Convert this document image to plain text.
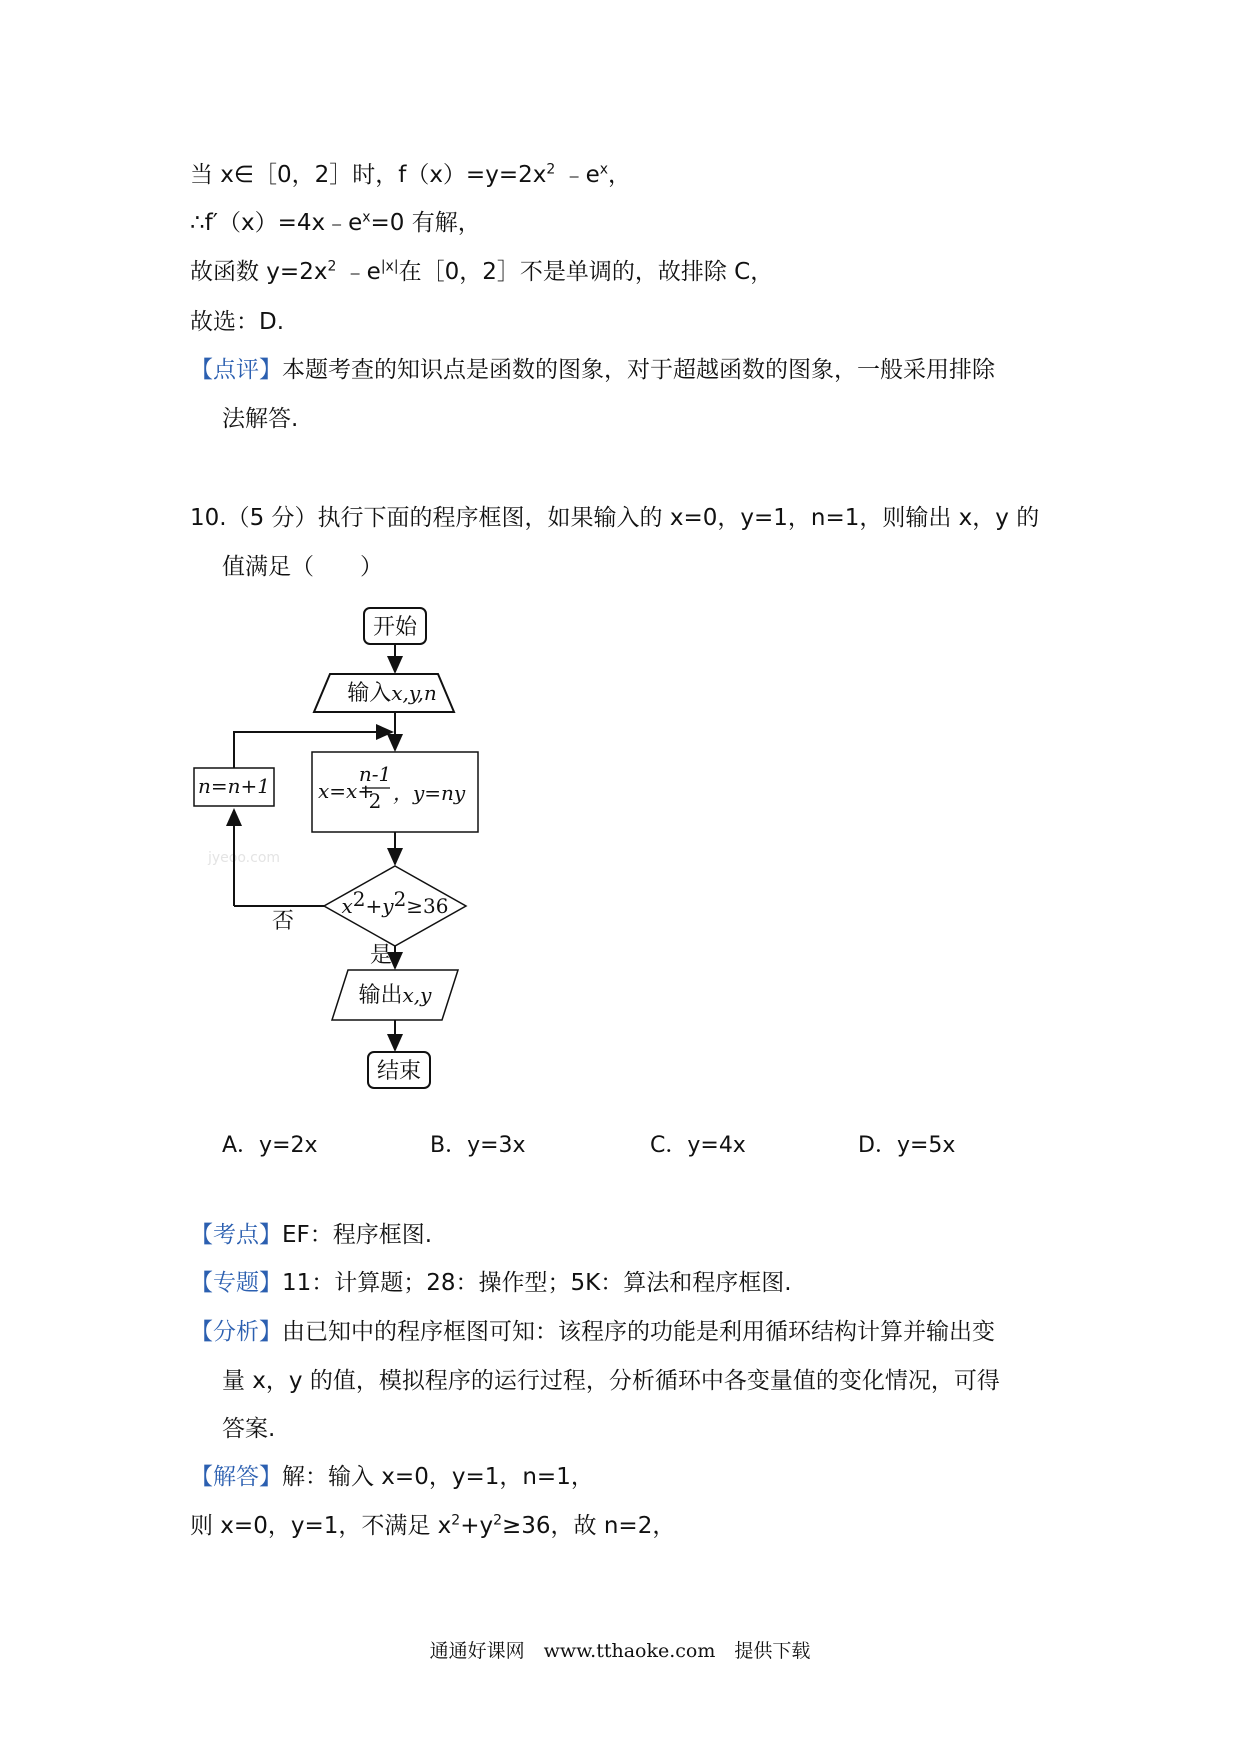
当 x∈［0，2］时，$f(x)=y=2x^2$ $﹣e^x$，
$\therefore f'(x)=4x﹣e^x=0$ 有解，
故函数 $y=2x^2$ $﹣e^{|x|}$在［0，2］不是单调的，故排除 C，
故选：D.
【点评】本题考查的知识点是函数的图象，对于超越函数的图象，一般采用排除
法解答.
10.（5 分）执行下面的程序框图，如果输入的 x=0，y=1，n=1，则输出 x，y 的
值满足（　　）
开始
输入x,y,n
n=n+1 x=x+
n-1
2 ，y=ny
jyeoo.com
x2+y2≥36
否
是
输出x,y
结束
A．y=2x	B．y=3x	C．y=4x	D．y=5x
【考点】EF：程序框图.
【专题】11：计算题；28：操作型；5K：算法和程序框图.
【分析】由已知中的程序框图可知：该程序的功能是利用循环结构计算并输出变
量 x，y 的值，模拟程序的运行过程，分析循环中各变量值的变化情况，可得
答案.
【解答】解：输入 x=0，y=1，n=1，
则 x=0，y=1，不满足 $x^2+y^2\ge 36$，故 n=2，
通通好课网　www.tthaoke.com　提供下载
